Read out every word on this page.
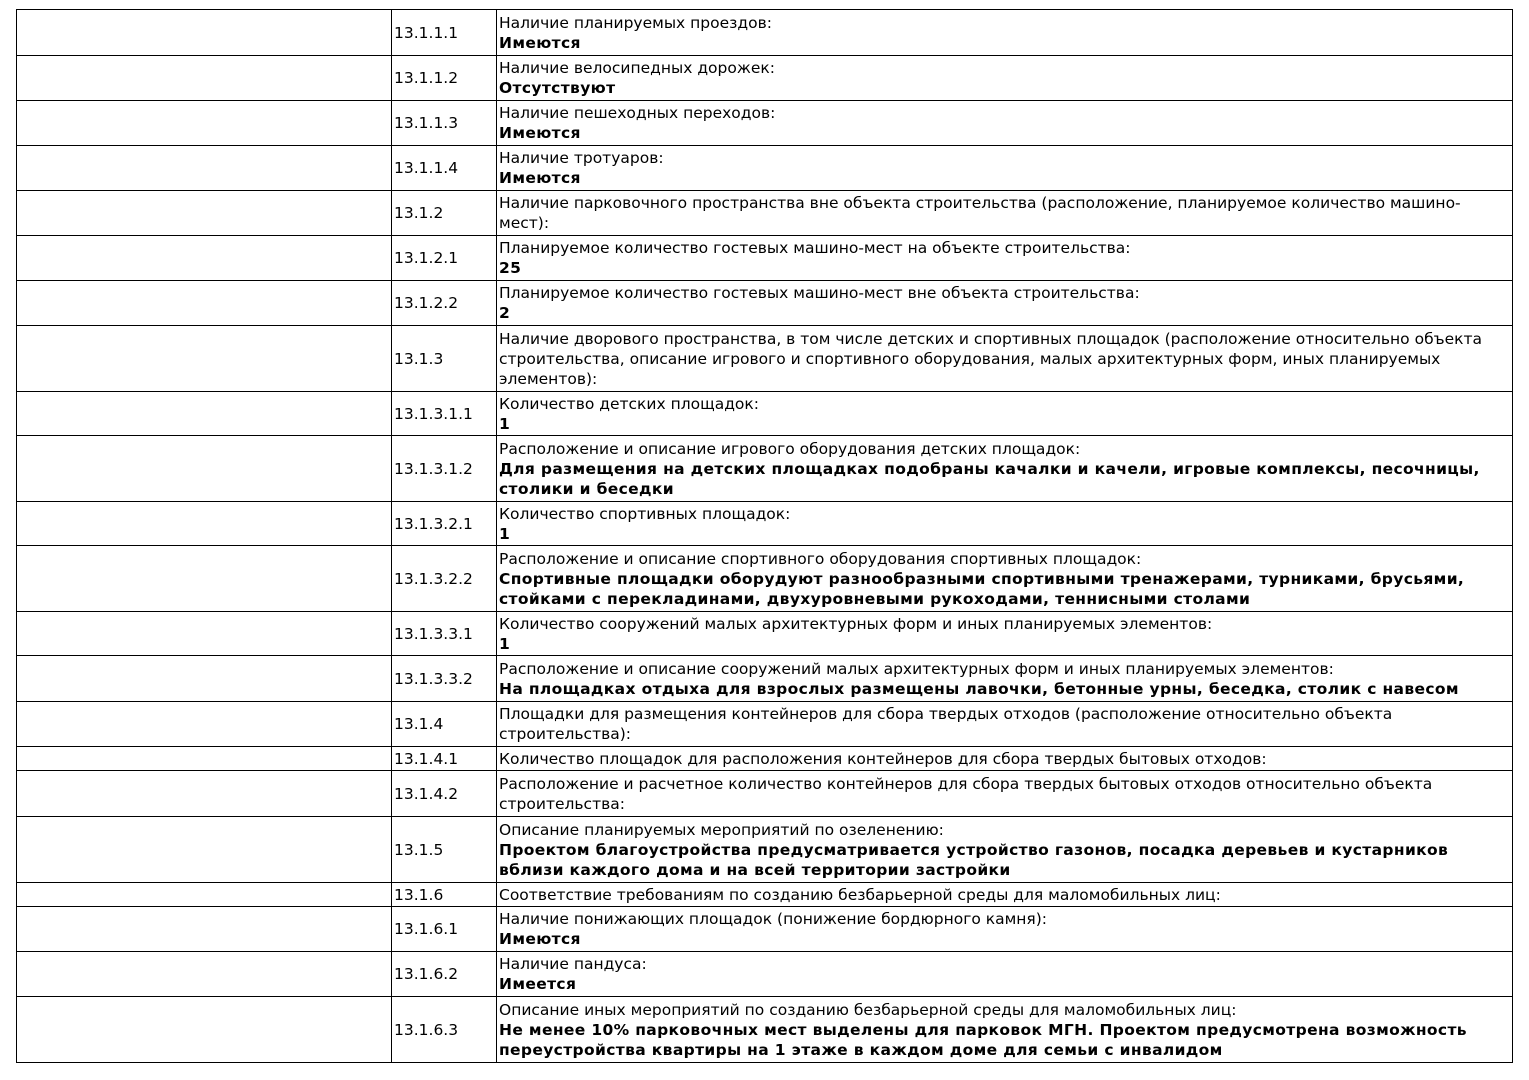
	13.1.1.1	Наличие планируемых проездов:
Имеются

	13.1.1.2	Наличие велосипедных дорожек:
Отсутствуют

	13.1.1.3	Наличие пешеходных переходов:
Имеются

	13.1.1.4	Наличие тротуаров:
Имеются

	13.1.2	Наличие парковочного пространства вне объекта строительства (расположение, планируемое количество машино-мест):

	13.1.2.1	Планируемое количество гостевых машино-мест на объекте строительства:
25

	13.1.2.2	Планируемое количество гостевых машино-мест вне объекта строительства:
2

	13.1.3	Наличие дворового пространства, в том числе детских и спортивных площадок (расположение относительно объекта строительства, описание игрового и спортивного оборудования, малых архитектурных форм, иных планируемых элементов):

	13.1.3.1.1	Количество детских площадок:
1

	13.1.3.1.2	Расположение и описание игрового оборудования детских площадок:
Для размещения на детских площадках подобраны качалки и качели, игровые комплексы, песочницы, столики и беседки

	13.1.3.2.1	Количество спортивных площадок:
1

	13.1.3.2.2	Расположение и описание спортивного оборудования спортивных площадок:
Спортивные площадки оборудуют разнообразными спортивными тренажерами, турниками, брусьями, стойками с перекладинами, двухуровневыми рукоходами, теннисными столами

	13.1.3.3.1	Количество сооружений малых архитектурных форм и иных планируемых элементов:
1

	13.1.3.3.2	Расположение и описание сооружений малых архитектурных форм и иных планируемых элементов:
На площадках отдыха для взрослых размещены лавочки, бетонные урны, беседка, столик с навесом

	13.1.4	Площадки для размещения контейнеров для сбора твердых отходов (расположение относительно объекта строительства):

	13.1.4.1	Количество площадок для расположения контейнеров для сбора твердых бытовых отходов:

	13.1.4.2	Расположение и расчетное количество контейнеров для сбора твердых бытовых отходов относительно объекта строительства:

	13.1.5	Описание планируемых мероприятий по озеленению:
Проектом благоустройства предусматривается устройство газонов, посадка деревьев и кустарников вблизи каждого дома и на всей территории застройки

	13.1.6	Соответствие требованиям по созданию безбарьерной среды для маломобильных лиц:

	13.1.6.1	Наличие понижающих площадок (понижение бордюрного камня):
Имеются

	13.1.6.2	Наличие пандуса:
Имеется

	13.1.6.3	Описание иных мероприятий по созданию безбарьерной среды для маломобильных лиц:
Не менее 10% парковочных мест выделены для парковок МГН. Проектом предусмотрена возможность переустройства квартиры на 1 этаже в каждом доме для семьи с инвалидом
